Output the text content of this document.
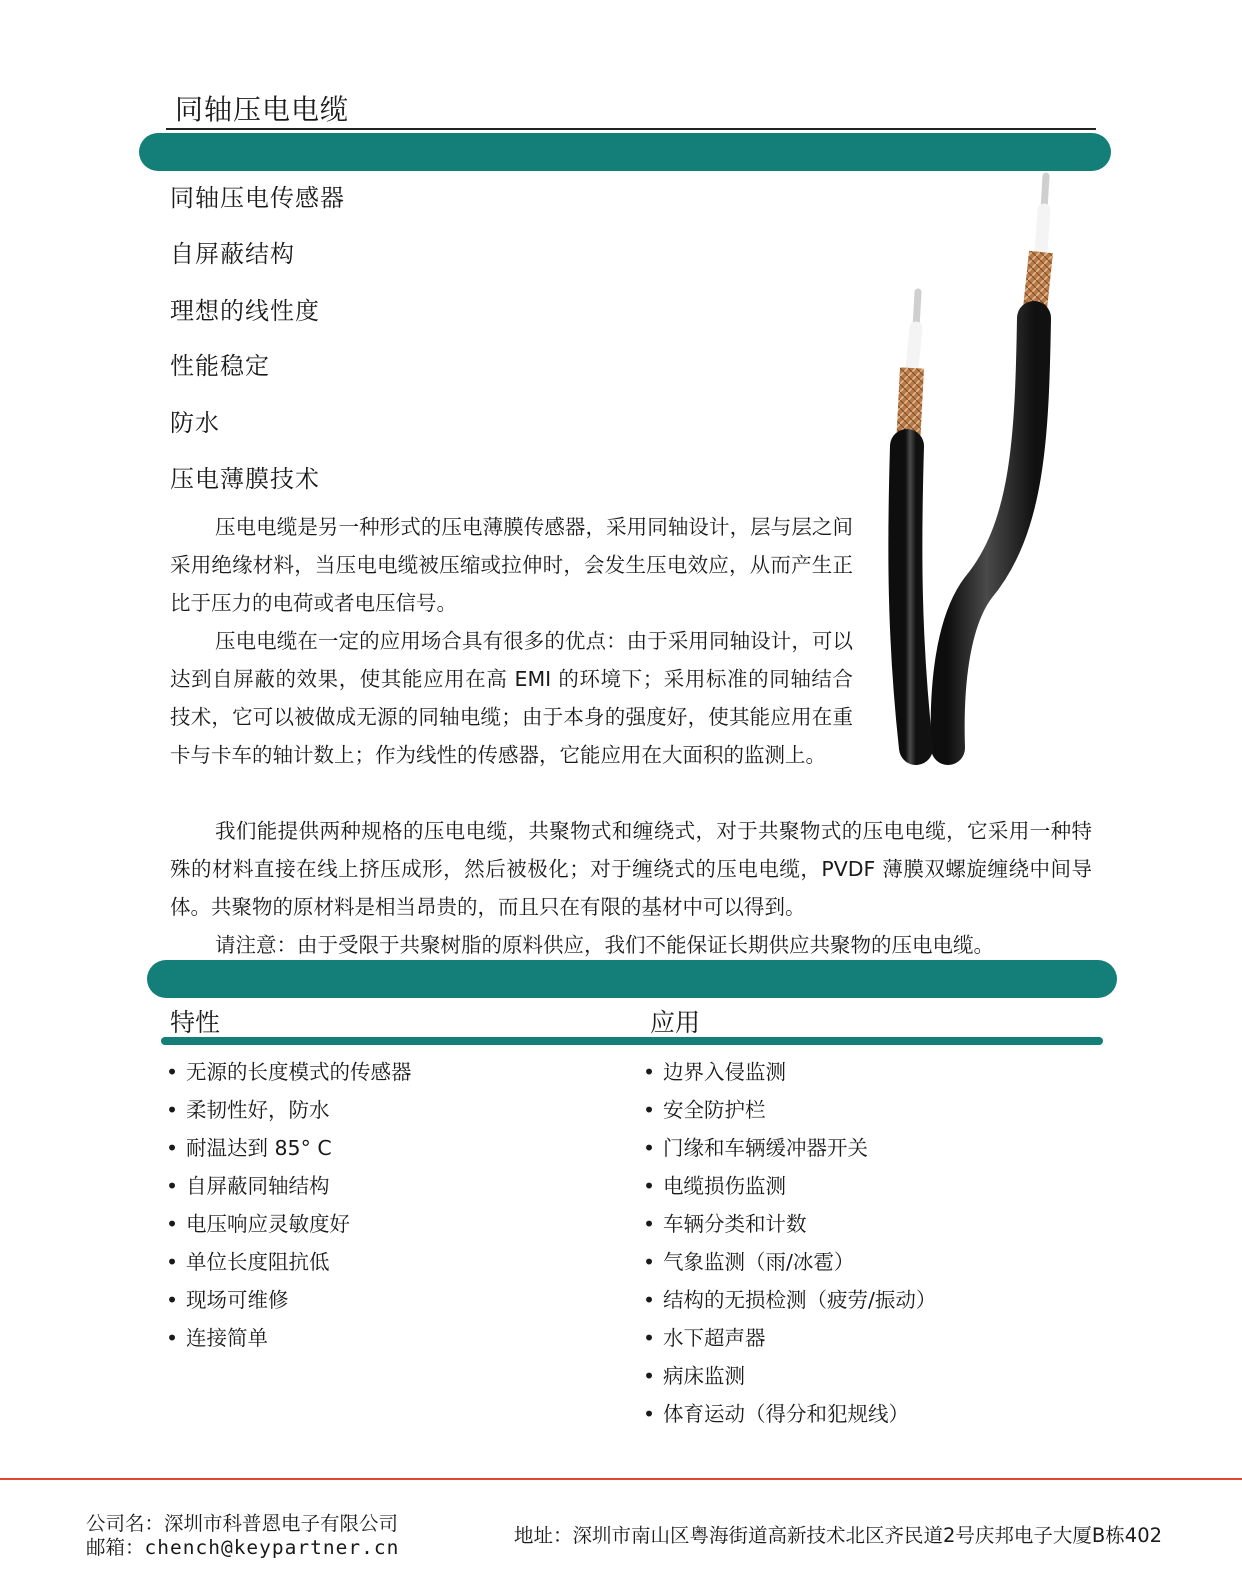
同轴压电电缆
同轴压电传感器
自屏蔽结构
理想的线性度
性能稳定
防水
压电薄膜技术

压电电缆是另一种形式的压电薄膜传感器，采用同轴设计，层与层之间采用绝缘材料，当压电电缆被压缩或拉伸时，会发生压电效应，从而产生正比于压力的电荷或者电压信号。

压电电缆在一定的应用场合具有很多的优点：由于采用同轴设计，可以达到自屏蔽的效果，使其能应用在高 EMI 的环境下；采用标准的同轴结合技术，它可以被做成无源的同轴电缆；由于本身的强度好，使其能应用在重卡与卡车的轴计数上；作为线性的传感器，它能应用在大面积的监测上。

我们能提供两种规格的压电电缆，共聚物式和缠绕式，对于共聚物式的压电电缆，它采用一种特殊的材料直接在线上挤压成形，然后被极化；对于缠绕式的压电电缆，PVDF 薄膜双螺旋缠绕中间导体。共聚物的原材料是相当昂贵的，而且只在有限的基材中可以得到。

请注意：由于受限于共聚树脂的原料供应，我们不能保证长期供应共聚物的压电电缆。

特性	应用
• 无源的长度模式的传感器
• 柔韧性好，防水
• 耐温达到 85° C
• 自屏蔽同轴结构
• 电压响应灵敏度好
• 单位长度阻抗低
• 现场可维修
• 连接简单
• 边界入侵监测
• 安全防护栏
• 门缘和车辆缓冲器开关
• 电缆损伤监测
• 车辆分类和计数
• 气象监测（雨/冰雹）
• 结构的无损检测（疲劳/振动）
• 水下超声器
• 病床监测
• 体育运动（得分和犯规线）
公司名：深圳市科普恩电子有限公司
邮箱：chench@keypartner.cn
地址：深圳市南山区粤海街道高新技术北区齐民道2号庆邦电子大厦B栋402
